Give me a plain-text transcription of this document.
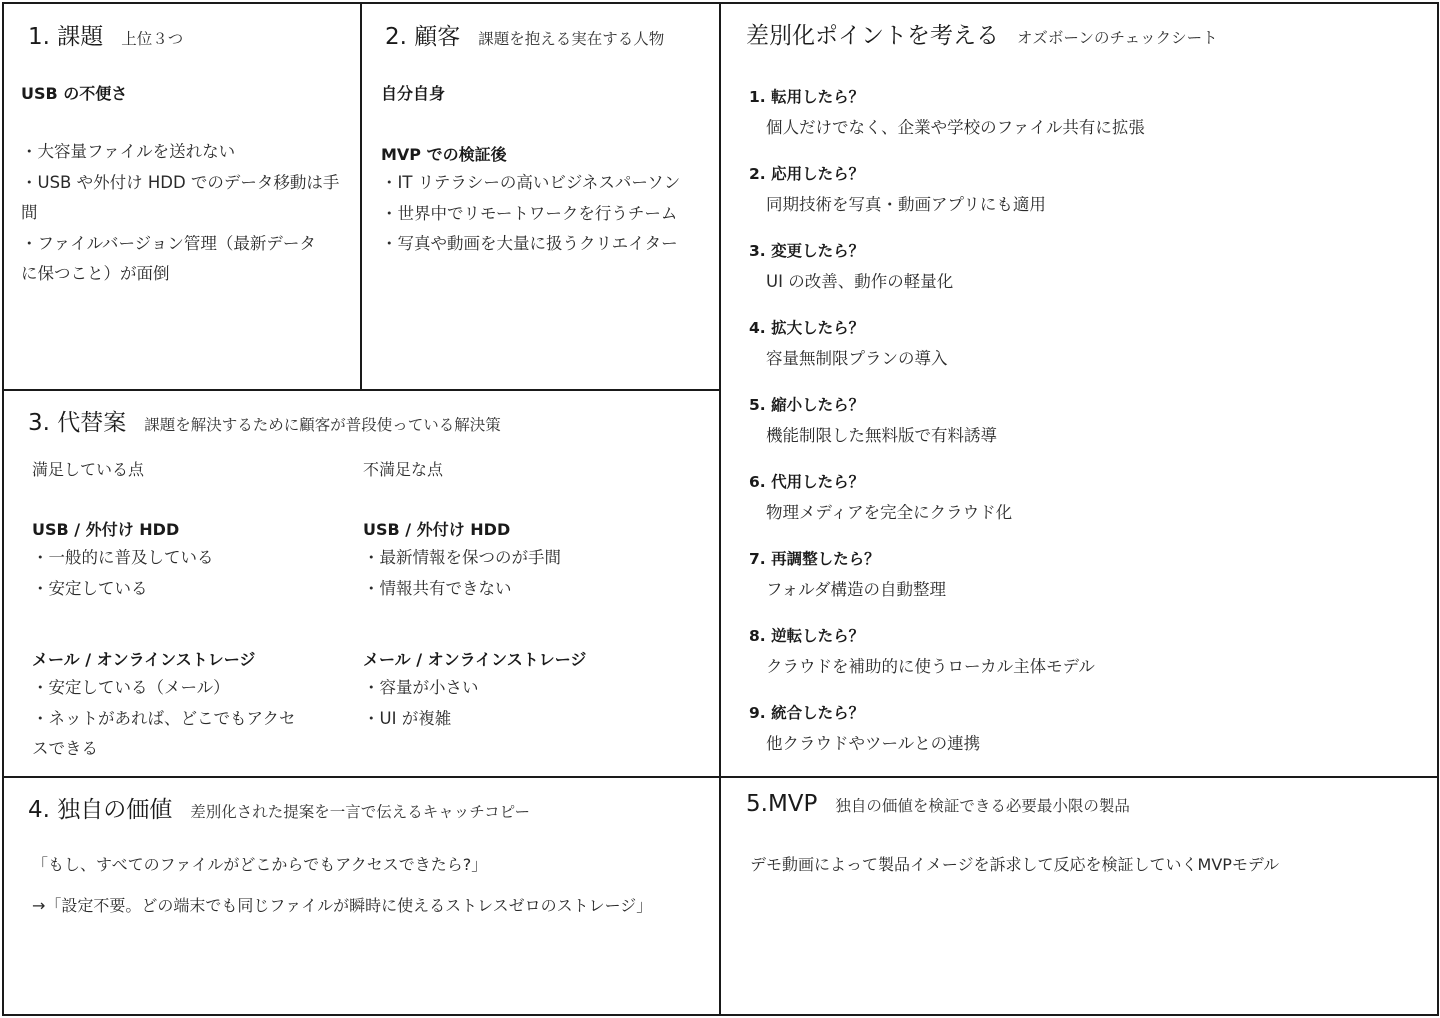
1. 課題 上位３つ
USB の不便さ
・大容量ファイルを送れない
・USB や外付け HDD でのデータ移動は手
間
・ファイルバージョン管理（最新データ
に保つこと）が面倒
2. 顧客 課題を抱える実在する人物
自分自身
MVP での検証後
・IT リテラシーの高いビジネスパーソン
・世界中でリモートワークを行うチーム
・写真や動画を大量に扱うクリエイター
3. 代替案 課題を解決するために顧客が普段使っている解決策
満足している点	不満足な点
USB / 外付け HDD
・一般的に普及している
・安定している
メール / オンラインストレージ
・安定している（メール）
・ネットがあれば、どこでもアクセ
スできる
USB / 外付け HDD
・最新情報を保つのが手間
・情報共有できない
メール / オンラインストレージ
・容量が小さい
・UI が複雑
差別化ポイントを考える オズボーンのチェックシート
1. 転用したら？
個人だけでなく、企業や学校のファイル共有に拡張
2. 応用したら？
同期技術を写真・動画アプリにも適用
3. 変更したら？
UI の改善、動作の軽量化
4. 拡大したら？
容量無制限プランの導入
5. 縮小したら？
機能制限した無料版で有料誘導
6. 代用したら？
物理メディアを完全にクラウド化
7. 再調整したら？
フォルダ構造の自動整理
8. 逆転したら？
クラウドを補助的に使うローカル主体モデル
9. 統合したら？
他クラウドやツールとの連携
4. 独自の価値 差別化された提案を一言で伝えるキャッチコピー
「もし、すべてのファイルがどこからでもアクセスできたら?」
→「設定不要。どの端末でも同じファイルが瞬時に使えるストレスゼロのストレージ」
5.MVP 独自の価値を検証できる必要最小限の製品
デモ動画によって製品イメージを訴求して反応を検証していくMVPモデル
